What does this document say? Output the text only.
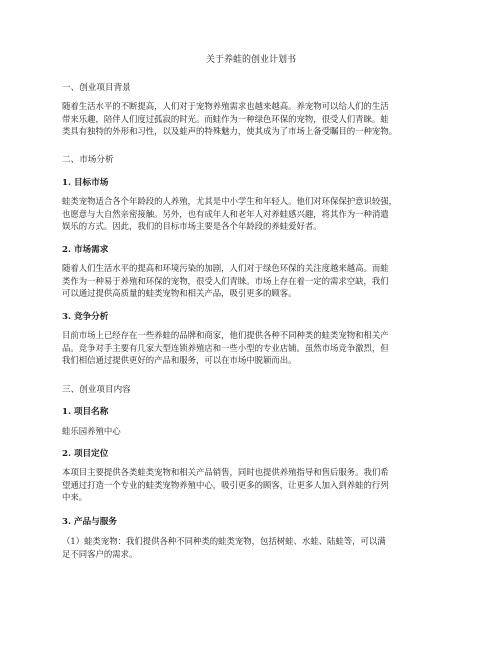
关于养蛙的创业计划书
一、创业项目背景
随着生活水平的不断提高，人们对于宠物养殖需求也越来越高。养宠物可以给人们的生活
带来乐趣，陪伴人们度过孤寂的时光。而蛙作为一种绿色环保的宠物，很受人们青睐。蛙
类具有独特的外形和习性，以及蛙声的特殊魅力，使其成为了市场上备受瞩目的一种宠物。
二、市场分析
1. 目标市场
蛙类宠物适合各个年龄段的人养殖，尤其是中小学生和年轻人。他们对环保保护意识较强，
也愿意与大自然亲密接触。另外，也有成年人和老年人对养蛙感兴趣，将其作为一种消遣
娱乐的方式。因此，我们的目标市场主要是各个年龄段的养蛙爱好者。
2. 市场需求
随着人们生活水平的提高和环境污染的加剧，人们对于绿色环保的关注度越来越高。而蛙
类作为一种易于养殖和环保的宠物，很受人们青睐。市场上存在着一定的需求空缺，我们
可以通过提供高质量的蛙类宠物和相关产品，吸引更多的顾客。
3. 竞争分析
目前市场上已经存在一些养蛙的品牌和商家，他们提供各种不同种类的蛙类宠物和相关产
品。竞争对手主要有几家大型连锁养殖店和一些小型的专业店铺。虽然市场竞争激烈，但
我们相信通过提供更好的产品和服务，可以在市场中脱颖而出。
三、创业项目内容
1. 项目名称
蛙乐园养殖中心
2. 项目定位
本项目主要提供各类蛙类宠物和相关产品销售，同时也提供养殖指导和售后服务。我们希
望通过打造一个专业的蛙类宠物养殖中心，吸引更多的顾客，让更多人加入到养蛙的行列
中来。
3. 产品与服务
（1）蛙类宠物：我们提供各种不同种类的蛙类宠物，包括树蛙、水蛙、陆蛙等，可以满
足不同客户的需求。
